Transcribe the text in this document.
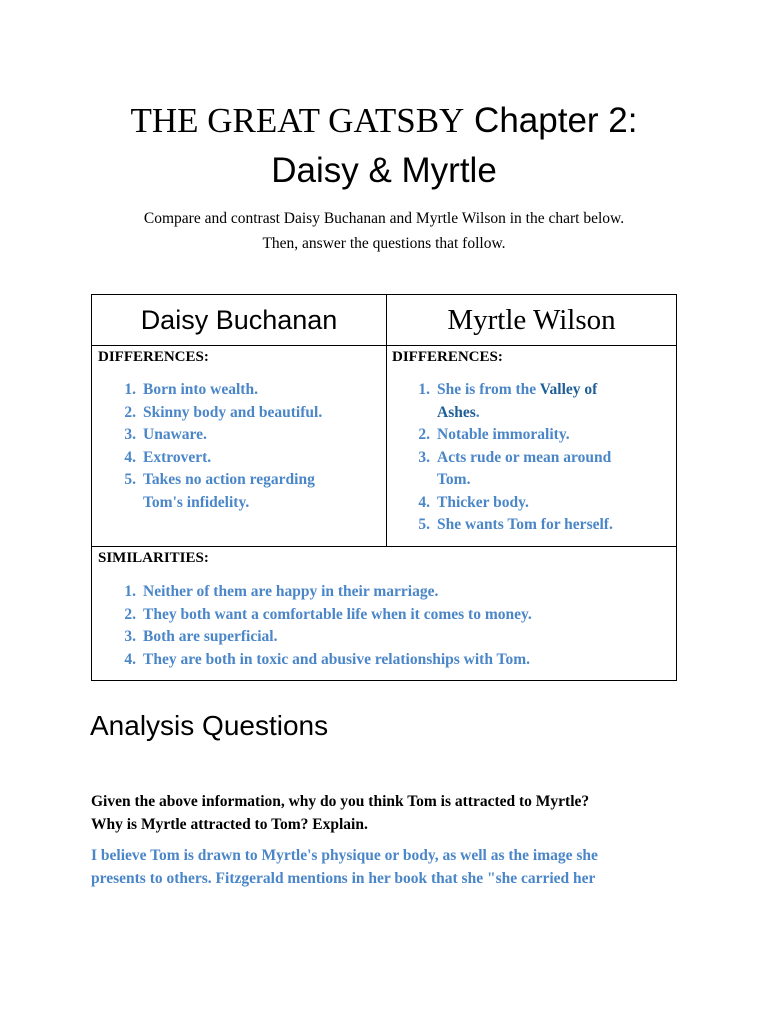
THE GREAT GATSBY Chapter 2:
Daisy & Myrtle
Compare and contrast Daisy Buchanan and Myrtle Wilson in the chart below.
Then, answer the questions that follow.
Daisy Buchanan	Myrtle Wilson
DIFFERENCES:	DIFFERENCES:
1 . Born into wealth.
2 . Skinny body and beautiful.
3 . Unaware.
4 . Extrovert.
5 . Takes no action regarding
Tom's infidelity.
1 . She is from the Valley of
Ashes.
2 . Notable immorality.
3 . Acts rude or mean around
Tom.
4 . Thicker body.
5 . She wants Tom for herself.
SIMILARITIES:
1 . Neither of them are happy in their marriage.
2 . They both want a comfortable life when it comes to money.
3 . Both are superficial.
4 . They are both in toxic and abusive relationships with Tom.
Analysis Questions
Given the above information, why do you think Tom is attracted to Myrtle?
Why is Myrtle attracted to Tom? Explain.
I believe Tom is drawn to Myrtle's physique or body, as well as the image she
presents to others. Fitzgerald mentions in her book that she "she carried her
